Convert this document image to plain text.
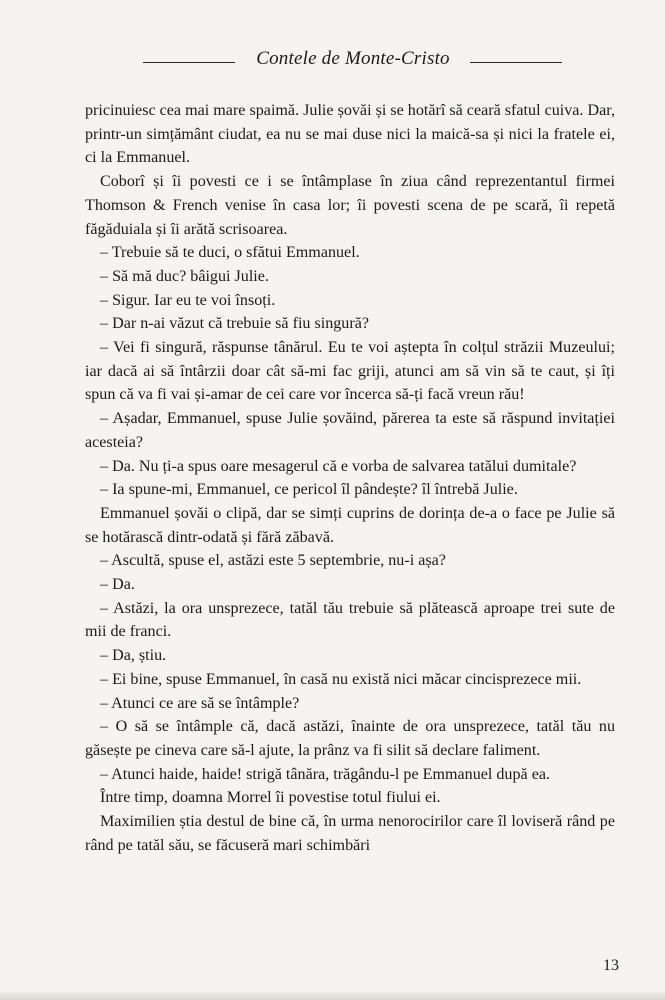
Contele de Monte-Cristo

pricinuiesc cea mai mare spaimă. Julie șovăi și se hotărî să ceară sfatul cuiva. Dar, printr-un simțământ ciudat, ea nu se mai duse nici la maică-sa și nici la fratele ei, ci la Emmanuel.

Coborî și îi povesti ce i se întâmplase în ziua când reprezentantul firmei Thomson & French venise în casa lor; îi povesti scena de pe scară, îi repetă făgăduiala și îi arătă scrisoarea.

– Trebuie să te duci, o sfătui Emmanuel.

– Să mă duc? bâigui Julie.

– Sigur. Iar eu te voi însoți.

– Dar n-ai văzut că trebuie să fiu singură?

– Vei fi singură, răspunse tânărul. Eu te voi aștepta în colțul străzii Muzeului; iar dacă ai să întârzii doar cât să-mi fac griji, atunci am să vin să te caut, și îți spun că va fi vai și-amar de cei care vor încerca să-ți facă vreun rău!

– Așadar, Emmanuel, spuse Julie șovăind, părerea ta este să răspund invitației acesteia?

– Da. Nu ți-a spus oare mesagerul că e vorba de salvarea tatălui dumitale?

– Ia spune-mi, Emmanuel, ce pericol îl pândește? îl întrebă Julie.

Emmanuel șovăi o clipă, dar se simți cuprins de dorința de-a o face pe Julie să se hotărască dintr-odată și fără zăbavă.

– Ascultă, spuse el, astăzi este 5 septembrie, nu-i așa?

– Da.

– Astăzi, la ora unsprezece, tatăl tău trebuie să plătească aproape trei sute de mii de franci.

– Da, știu.

– Ei bine, spuse Emmanuel, în casă nu există nici măcar cincisprezece mii.

– Atunci ce are să se întâmple?

– O să se întâmple că, dacă astăzi, înainte de ora unsprezece, tatăl tău nu găsește pe cineva care să-l ajute, la prânz va fi silit să declare faliment.

– Atunci haide, haide! strigă tânăra, trăgându-l pe Emmanuel după ea.

Între timp, doamna Morrel îi povestise totul fiului ei.

Maximilien știa destul de bine că, în urma nenorocirilor care îl loviseră rând pe rând pe tatăl său, se făcuseră mari schimbări

13
